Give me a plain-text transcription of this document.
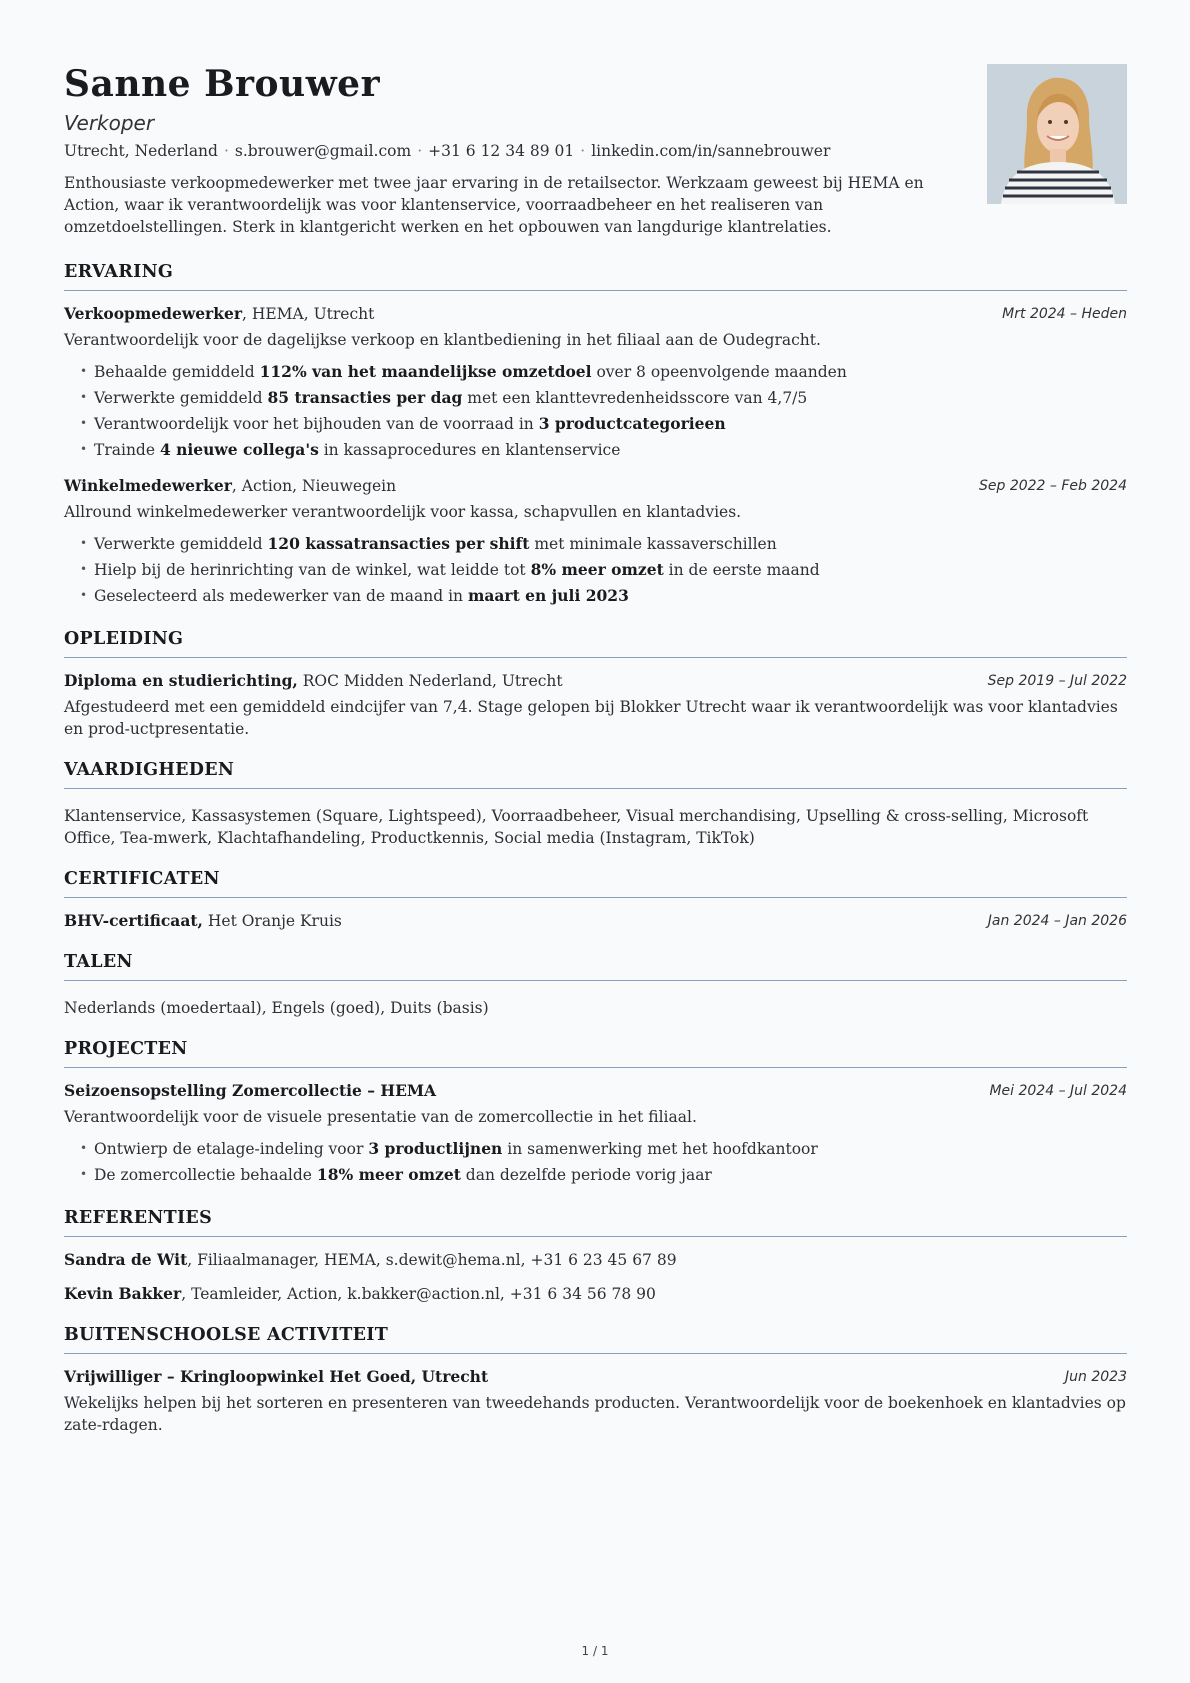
Sanne Brouwer
Verkoper
Utrecht, Nederland · s.brouwer@gmail.com · +31 6 12 34 89 01 · linkedin.com/in/sannebrouwer
Enthousiaste verkoopmedewerker met twee jaar ervaring in de retailsector. Werkzaam geweest bij HEMA en Action, waar ik verantwoordelijk was voor klantenservice, voorraadbeheer en het realiseren van omzetdoelstellingen. Sterk in klantgericht werken en het opbouwen van langdurige klantrelaties.
ERVARING
Verkoopmedewerker, HEMA, Utrecht	Mrt 2024 – Heden
Verantwoordelijk voor de dagelijkse verkoop en klantbediening in het filiaal aan de Oudegracht.
• Behaalde gemiddeld 112% van het maandelijkse omzetdoel over 8 opeenvolgende maanden
• Verwerkte gemiddeld 85 transacties per dag met een klanttevredenheidsscore van 4,7/5
• Verantwoordelijk voor het bijhouden van de voorraad in 3 productcategorieen
• Trainde 4 nieuwe collega's in kassaprocedures en klantenservice
Winkelmedewerker, Action, Nieuwegein	Sep 2022 – Feb 2024
Allround winkelmedewerker verantwoordelijk voor kassa, schapvullen en klantadvies.
• Verwerkte gemiddeld 120 kassatransacties per shift met minimale kassaverschillen
• Hielp bij de herinrichting van de winkel, wat leidde tot 8% meer omzet in de eerste maand
• Geselecteerd als medewerker van de maand in maart en juli 2023
OPLEIDING
Diploma en studierichting, ROC Midden Nederland, Utrecht	Sep 2019 – Jul 2022
Afgestudeerd met een gemiddeld eindcijfer van 7,4. Stage gelopen bij Blokker Utrecht waar ik verantwoordelijk was voor klantadvies en prod-uctpresentatie.
VAARDIGHEDEN
Klantenservice, Kassasystemen (Square, Lightspeed), Voorraadbeheer, Visual merchandising, Upselling & cross-selling, Microsoft Office, Tea-mwerk, Klachtafhandeling, Productkennis, Social media (Instagram, TikTok)
CERTIFICATEN
BHV-certificaat, Het Oranje Kruis	Jan 2024 – Jan 2026
TALEN
Nederlands (moedertaal), Engels (goed), Duits (basis)
PROJECTEN
Seizoensopstelling Zomercollectie – HEMA	Mei 2024 – Jul 2024
Verantwoordelijk voor de visuele presentatie van de zomercollectie in het filiaal.
• Ontwierp de etalage-indeling voor 3 productlijnen in samenwerking met het hoofdkantoor
• De zomercollectie behaalde 18% meer omzet dan dezelfde periode vorig jaar
REFERENTIES
Sandra de Wit, Filiaalmanager, HEMA, s.dewit@hema.nl, +31 6 23 45 67 89
Kevin Bakker, Teamleider, Action, k.bakker@action.nl, +31 6 34 56 78 90
BUITENSCHOOLSE ACTIVITEIT
Vrijwilliger – Kringloopwinkel Het Goed, Utrecht	Jun 2023
Wekelijks helpen bij het sorteren en presenteren van tweedehands producten. Verantwoordelijk voor de boekenhoek en klantadvies op zate-rdagen.
1 / 1
